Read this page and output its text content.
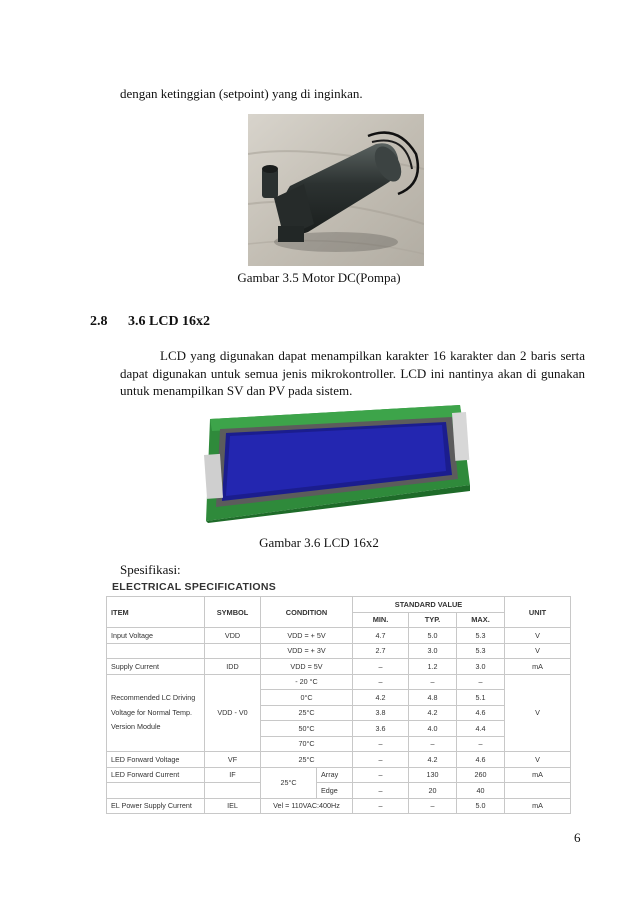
dengan ketinggian (setpoint) yang di inginkan.
Gambar 3.5 Motor DC(Pompa)
2.8 3.6 LCD 16x2
LCD yang digunakan dapat menampilkan karakter 16 karakter dan 2 baris serta dapat digunakan untuk semua jenis mikrokontroller. LCD ini nantinya akan di gunakan untuk menampilkan SV dan PV pada sistem.
Gambar 3.6 LCD 16x2
Spesifikasi:
ELECTRICAL SPECIFICATIONS
ITEM	SYMBOL	CONDITION		STANDARD VALUE			UNIT
				MIN.	TYP.	MAX.	
Input Voltage	VDD	VDD = + 5V		4.7	5.0	5.3	V
		VDD = + 3V		2.7	3.0	5.3	V
Supply Current	IDD	VDD = 5V		–	1.2	3.0	mA

Recommended LC Driving
Voltage for Normal Temp.
Version Module	VDD - V0	- 20 °C		–	–	–	V
		0°C		4.2	4.8	5.1	
		25°C		3.8	4.2	4.6	
		50°C		3.6	4.0	4.4	
		70°C		–	–	–	
LED Forward Voltage	VF	25°C		–	4.2	4.6	V
LED Forward Current	IF	25°C	Array	–	130	260	mA
			Edge	–	20	40	
EL Power Supply Current	IEL	Vel = 110VAC:400Hz		–	–	5.0	mA
6
